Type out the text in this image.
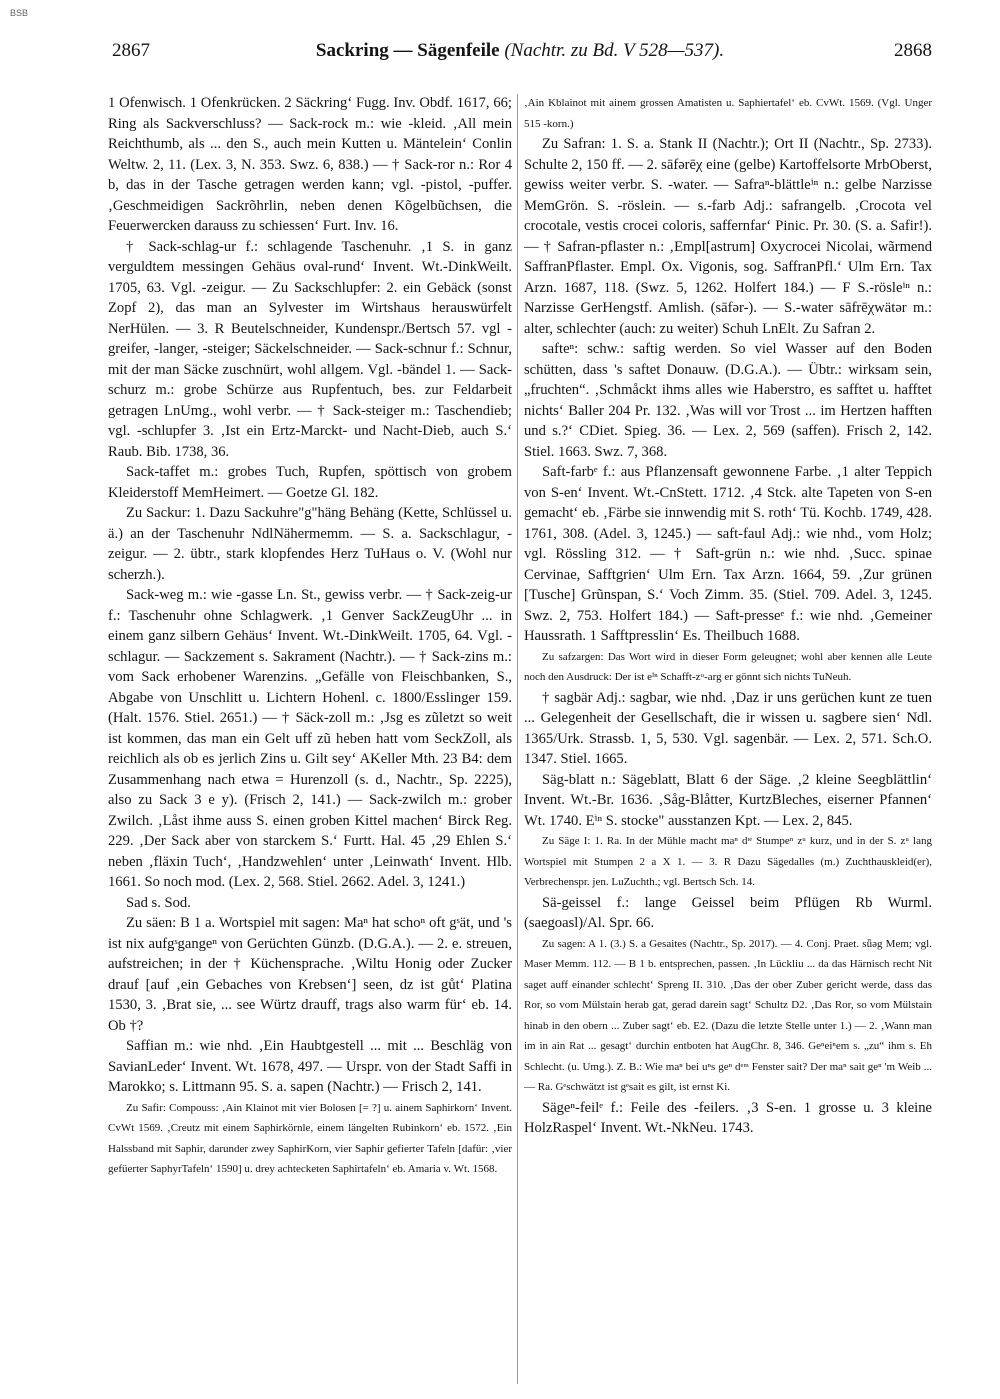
BSB
2867	Sackring — Sägenfeile (Nachtr. zu Bd. V 528—537).	2868

1 Ofenwisch. 1 Ofenkrücken. 2 Säckring‘ Fugg. Inv. Obdf. 1617, 66; Ring als Sackverschluss? — Sack-rock m.: wie -kleid. ‚All mein Reichthumb, als ... den S., auch mein Kutten u. Mäntelein‘ Conlin Weltw. 2, 11. (Lex. 3, N. 353. Swz. 6, 838.) — † Sack-ror n.: Ror 4 b, das in der Tasche getragen werden kann; vgl. -pistol, -puffer. ‚Geschmeidigen Sackrõhrlin, neben denen Kõgelbũchsen, die Feuerwercken darauss zu schiessen‘ Furt. Inv. 16.

† Sack-schlag-ur f.: schlagende Taschenuhr. ‚1 S. in ganz verguldtem messingen Gehäus oval-rund‘ Invent. Wt.-DinkWeilt. 1705, 63. Vgl. -zeigur. — Zu Sackschlupfer: 2. ein Gebäck (sonst Zopf 2), das man an Sylvester im Wirtshaus herauswürfelt NerHülen. — 3. R Beutelschneider, Kundenspr./Bertsch 57. vgl -greifer, -langer, -steiger; Säckelschneider. — Sack-schnur f.: Schnur, mit der man Säcke zuschnürt, wohl allgem. Vgl. -bändel 1. — Sack-schurz m.: grobe Schürze aus Rupfentuch, bes. zur Feldarbeit getragen LnUmg., wohl verbr. — † Sack-steiger m.: Taschendieb; vgl. -schlupfer 3. ‚Ist ein Ertz-Marckt- und Nacht-Dieb, auch S.‘ Raub. Bib. 1738, 36.

Sack-taffet m.: grobes Tuch, Rupfen, spöttisch von grobem Kleiderstoff MemHeimert. — Goetze Gl. 182.

Zu Sackur: 1. Dazu Sackuhre"g"häng Behäng (Kette, Schlüssel u. ä.) an der Taschenuhr NdlNähermemm. — S. a. Sackschlagur, -zeigur. — 2. übtr., stark klopfendes Herz TuHaus o. V. (Wohl nur scherzh.).

Sack-weg m.: wie -gasse Ln. St., gewiss verbr. — † Sack-zeig-ur f.: Taschenuhr ohne Schlagwerk. ‚1 Genver SackZeugUhr ... in einem ganz silbern Gehäus‘ Invent. Wt.-DinkWeilt. 1705, 64. Vgl. -schlagur. — Sackzement s. Sakrament (Nachtr.). — † Sack-zins m.: vom Sack erhobener Warenzins. „Gefälle von Fleischbanken, S., Abgabe von Unschlitt u. Lichtern Hohenl. c. 1800/Esslinger 159. (Halt. 1576. Stiel. 2651.) — † Säck-zoll m.: ‚Jsg es zũletzt so weit ist kommen, das man ein Gelt uff zũ heben hatt vom SeckZoll, als reichlich als ob es jerlich Zins u. Gilt sey‘ AKeller Mth. 23 B4: dem Zusammenhang nach etwa = Hurenzoll (s. d., Nachtr., Sp. 2225), also zu Sack 3 e y). (Frisch 2, 141.) — Sack-zwilch m.: grober Zwilch. ‚Låst ihme auss S. einen groben Kittel machen‘ Birck Reg. 229. ‚Der Sack aber von starckem S.‘ Furtt. Hal. 45 ‚29 Ehlen S.‘ neben ‚fläxin Tuch‘, ‚Handzwehlen‘ unter ‚Leinwath‘ Invent. Hlb. 1661. So noch mod. (Lex. 2, 568. Stiel. 2662. Adel. 3, 1241.)

Sad s. Sod.

Zu säen: B 1 a. Wortspiel mit sagen: Maⁿ hat schoⁿ oft gˢät, und 's ist nix aufgˢgangeⁿ von Gerüchten Günzb. (D.G.A.). — 2. e. streuen, aufstreichen; in der † Küchensprache. ‚Wiltu Honig oder Zucker drauf [auf ‚ein Gebaches von Krebsen‘] seen, dz ist gůt‘ Platina 1530, 3. ‚Brat sie, ... see Würtz drauff, trags also warm für‘ eb. 14. Ob †?

Saffian m.: wie nhd. ‚Ein Haubtgestell ... mit ... Beschläg von SavianLeder‘ Invent. Wt. 1678, 497. — Urspr. von der Stadt Saffi in Marokko; s. Littmann 95. S. a. sapen (Nachtr.) — Frisch 2, 141.

Zu Safir: Compouss: ‚Ain Klainot mit vier Bolosen [= ?] u. ainem Saphirkorn‘ Invent. CvWt 1569. ‚Creutz mit einem Saphirkörnle, einem längelten Rubinkorn‘ eb. 1572. ‚Ein Halssband mit Saphir, darunder zwey SaphirKorn, vier Saphir gefierter Tafeln [dafür: ‚vier gefüerter SaphyrTafeln‘ 1590] u. drey achtecketen Saphirtafeln‘ eb. Amaria v. Wt. 1568.

‚Ain Kblainot mit ainem grossen Amatisten u. Saphiertafel‘ eb. CvWt. 1569. (Vgl. Unger 515 -korn.)

Zu Safran: 1. S. a. Stank II (Nachtr.); Ort II (Nachtr., Sp. 2733). Schulte 2, 150 ff. — 2. sāfərēχ eine (gelbe) Kartoffelsorte MrbOberst, gewiss weiter verbr. S. -water. — Safraⁿ-blättleⁱⁿ n.: gelbe Narzisse MemGrön. S. -röslein. — s.-farb Adj.: safrangelb. ‚Crocota vel crocotale, vestis crocei coloris, saffernfar‘ Pinic. Pr. 30. (S. a. Safir!). — † Safran-pflaster n.: ‚Empl[astrum] Oxycrocei Nicolai, wãrmend SaffranPflaster. Empl. Ox. Vigonis, sog. SaffranPfl.‘ Ulm Ern. Tax Arzn. 1687, 118. (Swz. 5, 1262. Holfert 184.) — F S.-rösleⁱⁿ n.: Narzisse GerHengstf. Amlish. (sāfər-). — S.-water sāfrēχwätər m.: alter, schlechter (auch: zu weiter) Schuh LnElt. Zu Safran 2.

safteⁿ: schw.: saftig werden. So viel Wasser auf den Boden schütten, dass 's saftet Donauw. (D.G.A.). — Übtr.: wirksam sein, „fruchten“. ‚Schmåckt ihms alles wie Haberstro, es safftet u. hafftet nichts‘ Baller 204 Pr. 132. ‚Was will vor Trost ... im Hertzen hafften und s.?‘ CDiet. Spieg. 36. — Lex. 2, 569 (saffen). Frisch 2, 142. Stiel. 1663. Swz. 7, 368.

Saft-farbᵉ f.: aus Pflanzensaft gewonnene Farbe. ‚1 alter Teppich von S-en‘ Invent. Wt.-CnStett. 1712. ‚4 Stck. alte Tapeten von S-en gemacht‘ eb. ‚Färbe sie innwendig mit S. roth‘ Tü. Kochb. 1749, 428. 1761, 308. (Adel. 3, 1245.) — saft-faul Adj.: wie nhd., vom Holz; vgl. Rössling 312. — † Saft-grün n.: wie nhd. ‚Succ. spinae Cervinae, Safftgrien‘ Ulm Ern. Tax Arzn. 1664, 59. ‚Zur grünen [Tusche] Grũnspan, S.‘ Voch Zimm. 35. (Stiel. 709. Adel. 3, 1245. Swz. 2, 753. Holfert 184.) — Saft-presseᵉ f.: wie nhd. ‚Gemeiner Haussrath. 1 Safftpresslin‘ Es. Theilbuch 1688.

Zu safzargen: Das Wort wird in dieser Form geleugnet; wohl aber kennen alle Leute noch den Ausdruck: Der ist eⁱⁿ Schafft-zᵘ-arg er gönnt sich nichts TuNeuh.

† sagbär Adj.: sagbar, wie nhd. ‚Daz ir uns gerüchen kunt ze tuen ... Gelegenheit der Gesellschaft, die ir wissen u. sagbere sien‘ Ndl. 1365/Urk. Strassb. 1, 5, 530. Vgl. sagenbär. — Lex. 2, 571. Sch.O. 1347. Stiel. 1665.

Säg-blatt n.: Sägeblatt, Blatt 6 der Säge. ‚2 kleine Seegblättlin‘ Invent. Wt.-Br. 1636. ‚Såg-Blåtter, KurtzBleches, eiserner Pfannen‘ Wt. 1740. Eⁱⁿ S. stocke" ausstanzen Kpt. — Lex. 2, 845.

Zu Säge I: 1. Ra. In der Mühle macht maⁿ dᶦᵉ Stumpeⁿ zᵘ kurz, und in der S. zᵘ lang Wortspiel mit Stumpen 2 a X 1. — 3. R Dazu Sägedalles (m.) Zuchthauskleid(er), Verbrechenspr. jen. LuZuchth.; vgl. Bertsch Sch. 14.

Sä-geissel f.: lange Geissel beim Pflügen Rb Wurml. (saegoasl)/Al. Spr. 66.

Zu sagen: A 1. (3.) S. a Gesaites (Nachtr., Sp. 2017). — 4. Conj. Praet. sǖəg Mem; vgl. Maser Memm. 112. — B 1 b. entsprechen, passen. ‚In Lückliu ... da das Härnisch recht Nit saget auff einander schlecht‘ Spreng II. 310. ‚Das der ober Zuber gericht werde, dass das Ror, so vom Mülstain herab gat, gerad darein sagt‘ Schultz D2. ‚Das Ror, so vom Mülstain hinab in den obern ... Zuber sagt‘ eb. E2. (Dazu die letzte Stelle unter 1.) — 2. ‚Wann man im in ain Rat ... gesagt‘ durchin entboten hat AugChr. 8, 346. Geⁿeiⁿem s. „zu“ ihm s. Eh Schlecht. (u. Umg.). Z. B.: Wie maⁿ bei uⁿs geⁿ dᵉᵐ Fenster sait? Der maⁿ sait geⁿ 'm Weib ... — Ra. Gᵉschwätzt ist gᵉsait es gilt, ist ernst Ki.

Sägeⁿ-feilᵉ f.: Feile des -feilers. ‚3 S-en. 1 grosse u. 3 kleine HolzRaspel‘ Invent. Wt.-NkNeu. 1743.
